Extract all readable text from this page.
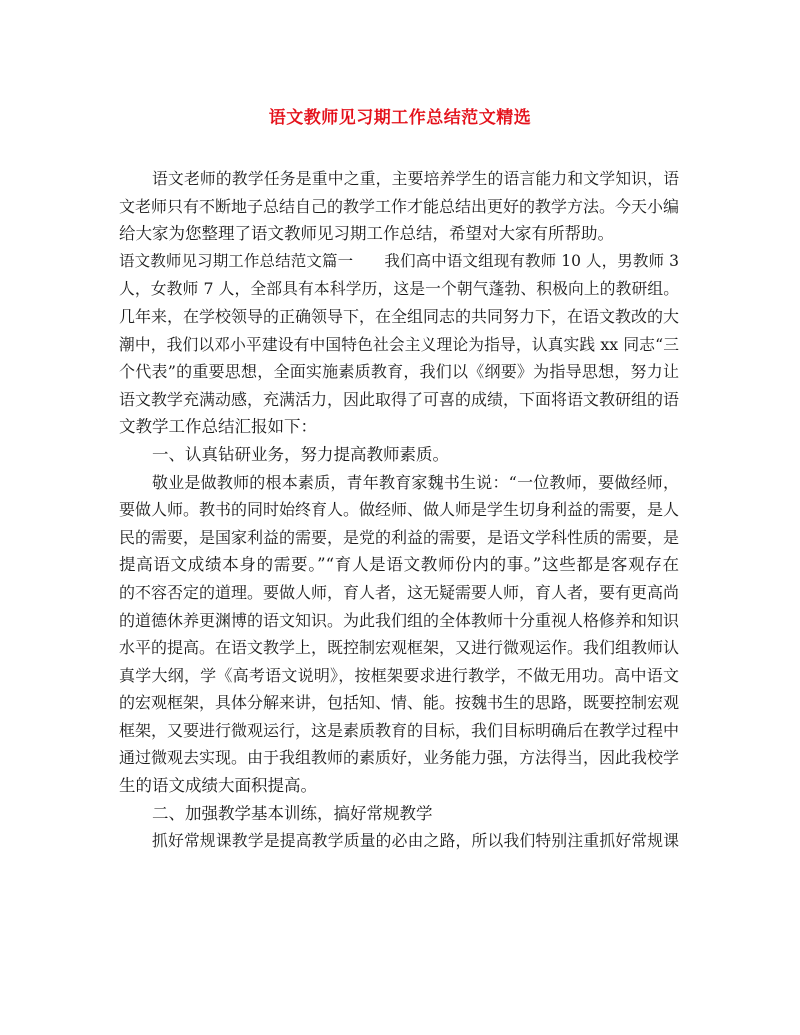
语文教师见习期工作总结范文精选
语文老师的教学任务是重中之重，主要培养学生的语言能力和文学知识，语
文老师只有不断地子总结自己的教学工作才能总结出更好的教学方法。今天小编
给大家为您整理了语文教师见习期工作总结，希望对大家有所帮助。
语文教师见习期工作总结范文篇一　　我们高中语文组现有教师 10 人，男教师 3
人，女教师 7 人，全部具有本科学历，这是一个朝气蓬勃、积极向上的教研组。
几年来，在学校领导的正确领导下，在全组同志的共同努力下，在语文教改的大
潮中，我们以邓小平建设有中国特色社会主义理论为指导，认真实践 xx 同志“三
个代表”的重要思想，全面实施素质教育，我们以《纲要》为指导思想，努力让
语文教学充满动感，充满活力，因此取得了可喜的成绩，下面将语文教研组的语
文教学工作总结汇报如下：
一、认真钻研业务，努力提高教师素质。
敬业是做教师的根本素质，青年教育家魏书生说：“一位教师，要做经师，
要做人师。教书的同时始终育人。做经师、做人师是学生切身利益的需要，是人
民的需要，是国家利益的需要，是党的利益的需要，是语文学科性质的需要，是
提高语文成绩本身的需要。”“育人是语文教师份内的事。”这些都是客观存在
的不容否定的道理。要做人师，育人者，这无疑需要人师，育人者，要有更高尚
的道德休养更渊博的语文知识。为此我们组的全体教师十分重视人格修养和知识
水平的提高。在语文教学上，既控制宏观框架，又进行微观运作。我们组教师认
真学大纲，学《高考语文说明》，按框架要求进行教学，不做无用功。高中语文
的宏观框架，具体分解来讲，包括知、情、能。按魏书生的思路，既要控制宏观
框架，又要进行微观运行，这是素质教育的目标，我们目标明确后在教学过程中
通过微观去实现。由于我组教师的素质好，业务能力强，方法得当，因此我校学
生的语文成绩大面积提高。
二、加强教学基本训练，搞好常规教学
抓好常规课教学是提高教学质量的必由之路，所以我们特别注重抓好常规课
